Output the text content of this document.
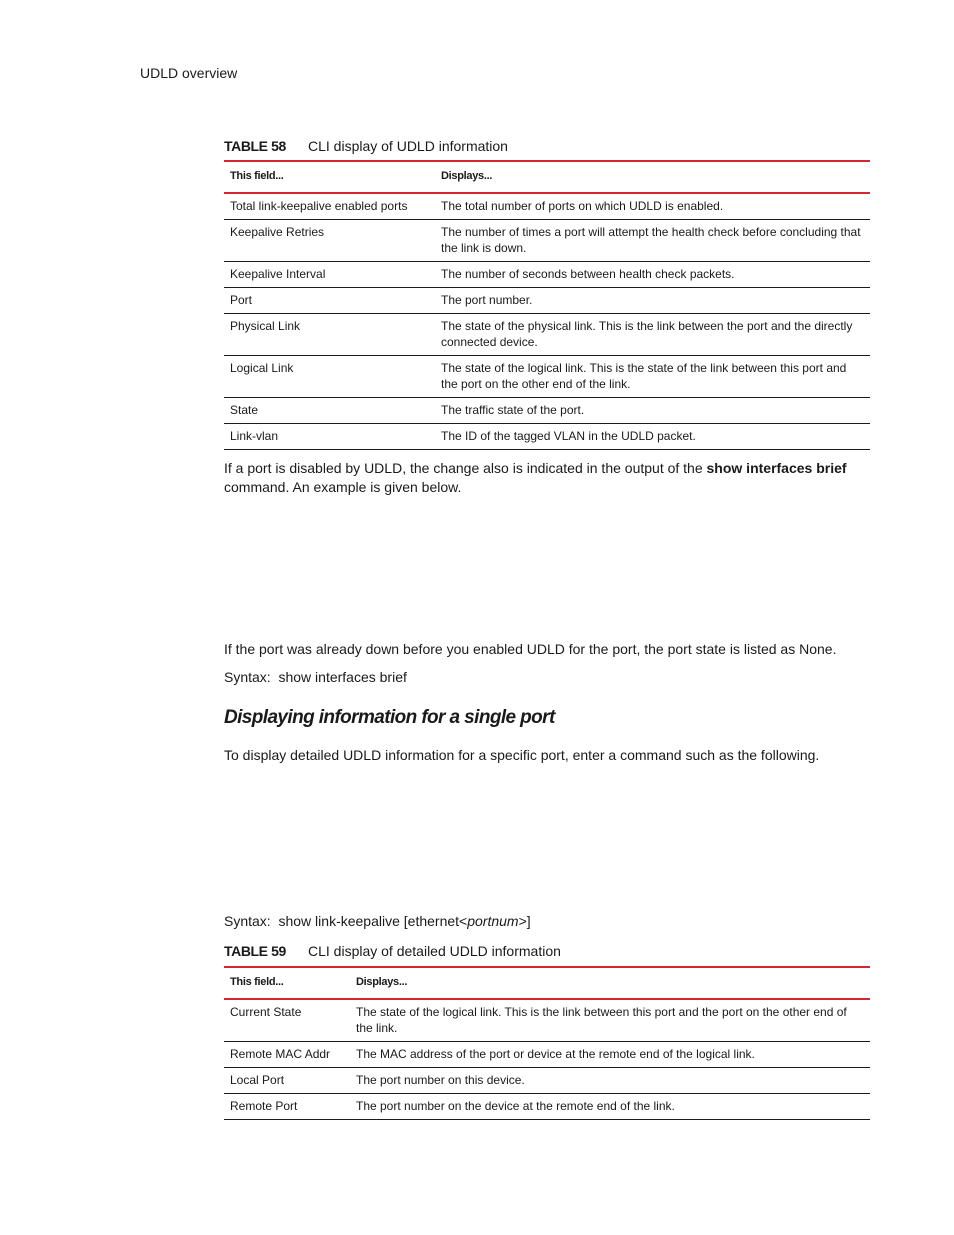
UDLD overview
TABLE 58 CLI display of UDLD information
This field...	Displays...
Total link-keepalive enabled ports	The total number of ports on which UDLD is enabled.
Keepalive Retries	The number of times a port will attempt the health check before concluding that the link is down.
Keepalive Interval	The number of seconds between health check packets.
Port	The port number.
Physical Link	The state of the physical link. This is the link between the port and the directly connected device.
Logical Link	The state of the logical link. This is the state of the link between this port and the port on the other end of the link.
State	The traffic state of the port.
Link-vlan	The ID of the tagged VLAN in the UDLD packet.
If a port is disabled by UDLD, the change also is indicated in the output of the show interfaces brief command. An example is given below.
If the port was already down before you enabled UDLD for the port, the port state is listed as None.
Syntax: show interfaces brief
Displaying information for a single port
To display detailed UDLD information for a specific port, enter a command such as the following.
Syntax: show link-keepalive [ethernet<portnum>]
TABLE 59 CLI display of detailed UDLD information
This field...	Displays...
Current State	The state of the logical link. This is the link between this port and the port on the other end of the link.
Remote MAC Addr	The MAC address of the port or device at the remote end of the logical link.
Local Port	The port number on this device.
Remote Port	The port number on the device at the remote end of the link.
